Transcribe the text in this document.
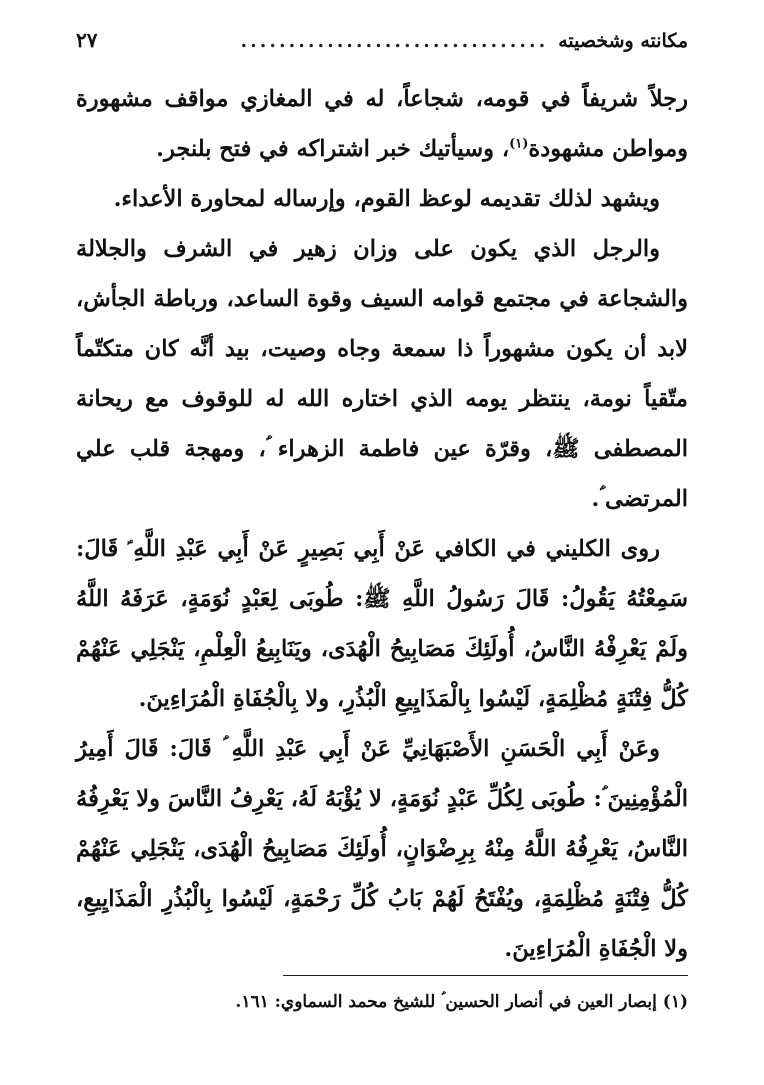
مكانته وشخصيته
................................
٢٧

رجلاً شريفاً في قومه، شجاعاً، له في المغازي مواقف مشهورة ومواطن مشهودة$^{(١)}$، وسيأتيك خبر اشتراكه في فتح بلنجر.

ويشهد لذلك تقديمه لوعظ القوم، وإرساله لمحاورة الأعداء.

والرجل الذي يكون على وزان زهير في الشرف والجلالة والشجاعة في مجتمع قوامه السيف وقوة الساعد، ورباطة الجأش، لابد أن يكون مشهوراً ذا سمعة وجاه وصيت، بيد أنَّه كان متكتّماً متّقياً نومة، ينتظر يومه الذي اختاره الله له للوقوف مع ريحانة المصطفى ﷺ، وقرّة عين فاطمة الزهراء ؑ، ومهجة قلب علي المرتضى ؑ.

روى الكليني في الكافي عَنْ أَبِي بَصِيرٍ عَنْ أَبِي عَبْدِ اللَّهِ ؑ قَالَ: سَمِعْتُهُ يَقُولُ: قَالَ رَسُولُ اللَّهِ ﷺ: طُوبَى لِعَبْدٍ نُوَمَةٍ، عَرَفَهُ اللَّهُ ولَمْ يَعْرِفْهُ النَّاسُ، أُولَئِكَ مَصَابِيحُ الْهُدَى، ويَنَابِيعُ الْعِلْمِ، يَنْجَلِي عَنْهُمْ كُلُّ فِتْنَةٍ مُظْلِمَةٍ، لَيْسُوا بِالْمَذَايِيعِ الْبُذُرِ، ولا بِالْجُفَاةِ الْمُرَاءِينَ.

وعَنْ أَبِي الْحَسَنِ الأَصْبَهَانِيِّ عَنْ أَبِي عَبْدِ اللَّهِ ؑ قَالَ: قَالَ أَمِيرُ الْمُؤْمِنِينَ ؑ: طُوبَى لِكُلِّ عَبْدٍ نُوَمَةٍ، لا يُؤْبَهُ لَهُ، يَعْرِفُ النَّاسَ ولا يَعْرِفُهُ النَّاسُ، يَعْرِفُهُ اللَّهُ مِنْهُ بِرِضْوَانٍ، أُولَئِكَ مَصَابِيحُ الْهُدَى، يَنْجَلِي عَنْهُمْ كُلُّ فِتْنَةٍ مُظْلِمَةٍ، ويُفْتَحُ لَهُمْ بَابُ كُلِّ رَحْمَةٍ، لَيْسُوا بِالْبُذُرِ الْمَذَايِيعِ، ولا الْجُفَاةِ الْمُرَاءِينَ.

(١) إبصار العين في أنصار الحسين ؑ للشيخ محمد السماوي: ١٦١.
